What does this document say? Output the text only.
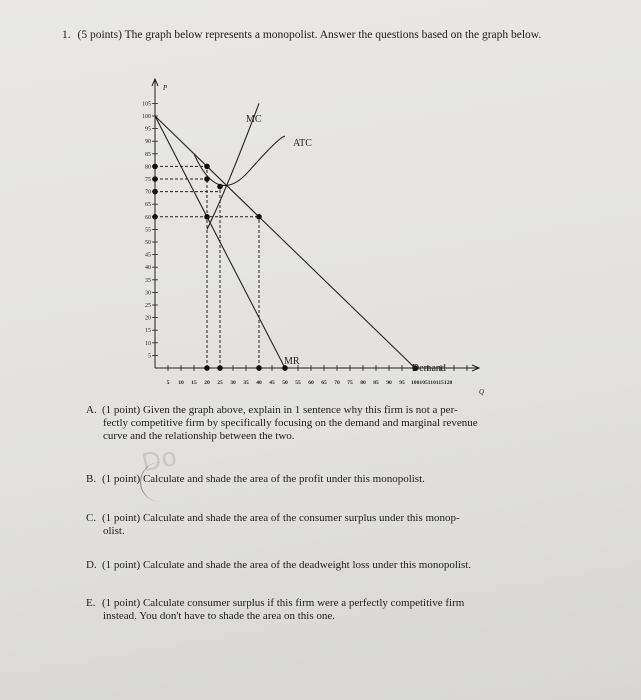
1. (5 points) The graph below represents a monopolist. Answer the questions based on the graph below.

P
Q
5
10
15
20
25
30
35
40
45
50
55
60
65
70
75
80
85
90
95
100
105
5 10 15 20 25 30 35 40 45 50 55 60 65 70 75 80 85 90 95 100105110115120
MC
ATC
MR
Demand
Do
A. (1 point) Given the graph above, explain in 1 sentence why this firm is not a per-
fectly competitive firm by specifically focusing on the demand and marginal revenue
curve and the relationship between the two.
B. (1 point) Calculate and shade the area of the profit under this monopolist.
C. (1 point) Calculate and shade the area of the consumer surplus under this monop-
olist.
D. (1 point) Calculate and shade the area of the deadweight loss under this monopolist.
E. (1 point) Calculate consumer surplus if this firm were a perfectly competitive firm
instead. You don't have to shade the area on this one.
